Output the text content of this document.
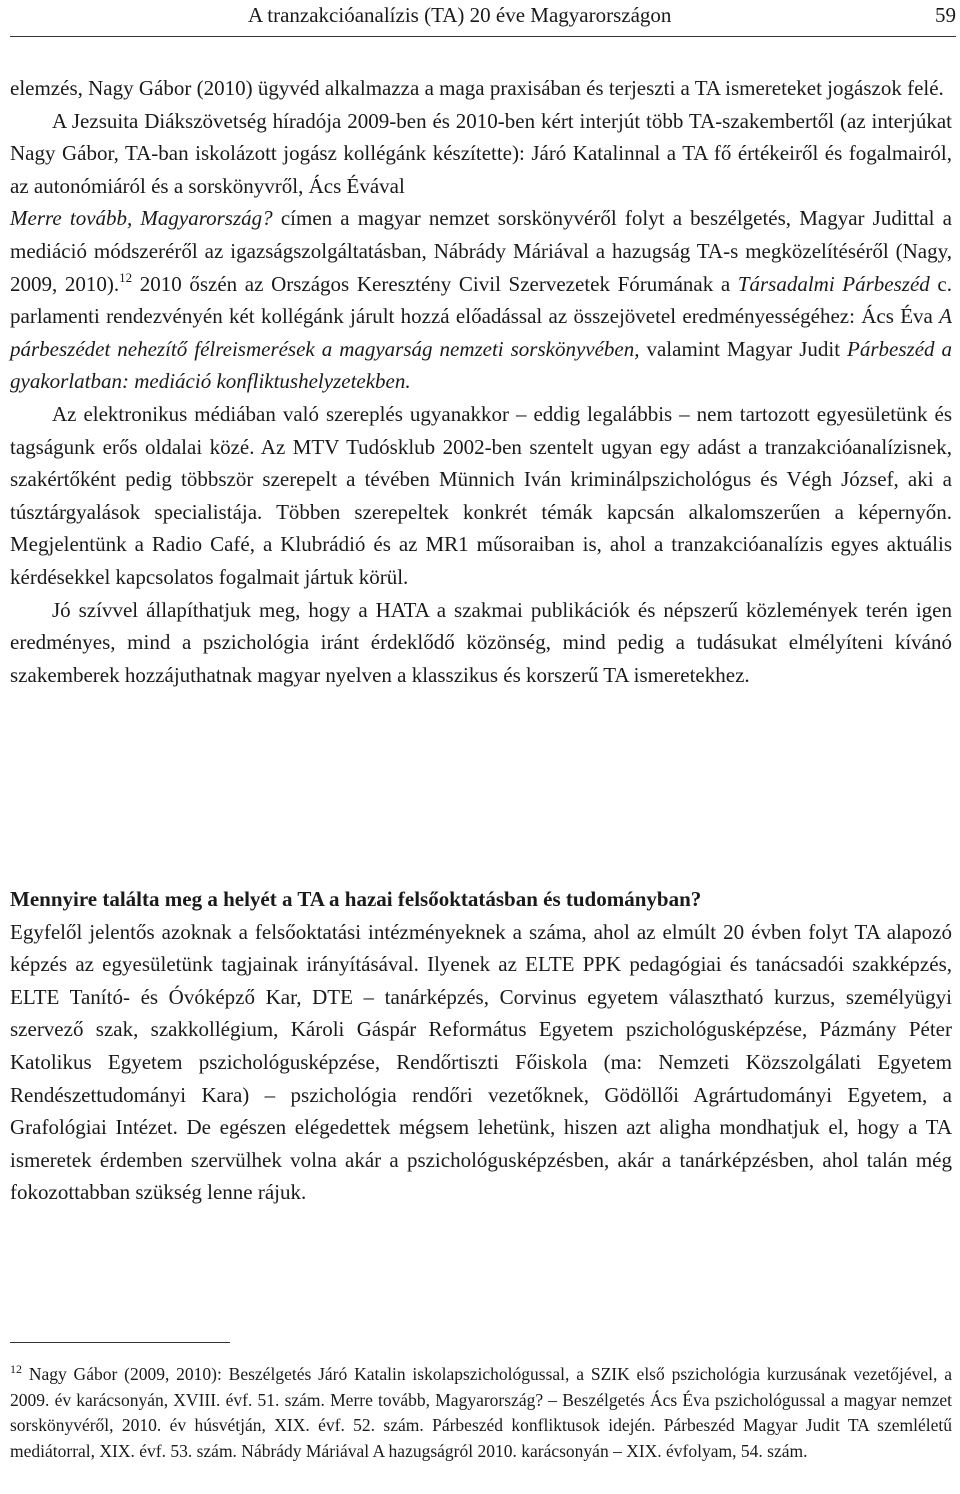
A tranzakcióanalízis (TA) 20 éve Magyarországon	59

elemzés, Nagy Gábor (2010) ügyvéd alkalmazza a maga praxisában és terjeszti a TA ismereteket jogászok felé.

A Jezsuita Diákszövetség híradója 2009-ben és 2010-ben kért interjút több TA-szakembertől (az interjúkat Nagy Gábor, TA-ban iskolázott jogász kollégánk készítette): Járó Katalinnal a TA fő értékeiről és fogalmairól, az autonómiáról és a sorskönyvről, Ács Évával
Merre tovább, Magyarország? címen a magyar nemzet sorskönyvéről folyt a beszélgetés, Magyar Judittal a mediáció módszeréről az igazságszolgáltatásban, Nábrády Máriával a hazugság TA-s megközelítéséről (Nagy, 2009, 2010).$^{12}$ 2010 őszén az Országos Keresztény Civil Szervezetek Fórumának a Társadalmi Párbeszéd c. parlamenti rendezvényén két kollégánk járult hozzá előadással az összejövetel eredményességéhez: Ács Éva A párbeszédet nehezítő félreismerések a magyarság nemzeti sorskönyvében, valamint Magyar Judit Párbeszéd a gyakorlatban: mediáció konfliktushelyzetekben.

Az elektronikus médiában való szereplés ugyanakkor – eddig legalábbis – nem tartozott egyesületünk és tagságunk erős oldalai közé. Az MTV Tudósklub 2002-ben szentelt ugyan egy adást a tranzakcióanalízisnek, szakértőként pedig többször szerepelt a tévében Münnich Iván kriminálpszichológus és Végh József, aki a túsztárgyalások specialistája. Többen szerepeltek konkrét témák kapcsán alkalomszerűen a képernyőn. Megjelentünk a Radio Café, a Klubrádió és az MR1 műsoraiban is, ahol a tranzakcióanalízis egyes aktuális kérdésekkel kapcsolatos fogalmait jártuk körül.

Jó szívvel állapíthatjuk meg, hogy a HATA a szakmai publikációk és népszerű közlemények terén igen eredményes, mind a pszichológia iránt érdeklődő közönség, mind pedig a tudásukat elmélyíteni kívánó szakemberek hozzájuthatnak magyar nyelven a klasszikus és korszerű TA ismeretekhez.

Mennyire találta meg a helyét a TA a hazai felsőoktatásban és tudományban?

Egyfelől jelentős azoknak a felsőoktatási intézményeknek a száma, ahol az elmúlt 20 évben folyt TA alapozó képzés az egyesületünk tagjainak irányításával. Ilyenek az ELTE PPK pedagógiai és tanácsadói szakképzés, ELTE Tanító- és Óvóképző Kar, DTE – tanárképzés, Corvinus egyetem választható kurzus, személyügyi szervező szak, szakkollégium, Károli Gáspár Református Egyetem pszichológusképzése, Pázmány Péter Katolikus Egyetem pszichológusképzése, Rendőrtiszti Főiskola (ma: Nemzeti Közszolgálati Egyetem Rendészettudományi Kara) – pszichológia rendőri vezetőknek, Gödöllői Agrártudományi Egyetem, a Grafológiai Intézet. De egészen elégedettek mégsem lehetünk, hiszen azt aligha mondhatjuk el, hogy a TA ismeretek érdemben szervülhek volna akár a pszichológusképzésben, akár a tanárképzésben, ahol talán még fokozottabban szükség lenne rájuk.

$^{12}$ Nagy Gábor (2009, 2010): Beszélgetés Járó Katalin iskolapszichológussal, a SZIK első pszichológia kurzusának vezetőjével, a 2009. év karácsonyán, XVIII. évf. 51. szám. Merre tovább, Magyarország? – Beszélgetés Ács Éva pszichológussal a magyar nemzet sorskönyvéről, 2010. év húsvétján, XIX. évf. 52. szám. Párbeszéd konfliktusok idején. Párbeszéd Magyar Judit TA szemléletű mediátorral, XIX. évf. 53. szám. Nábrády Máriával A hazugságról 2010. karácsonyán – XIX. évfolyam, 54. szám.
